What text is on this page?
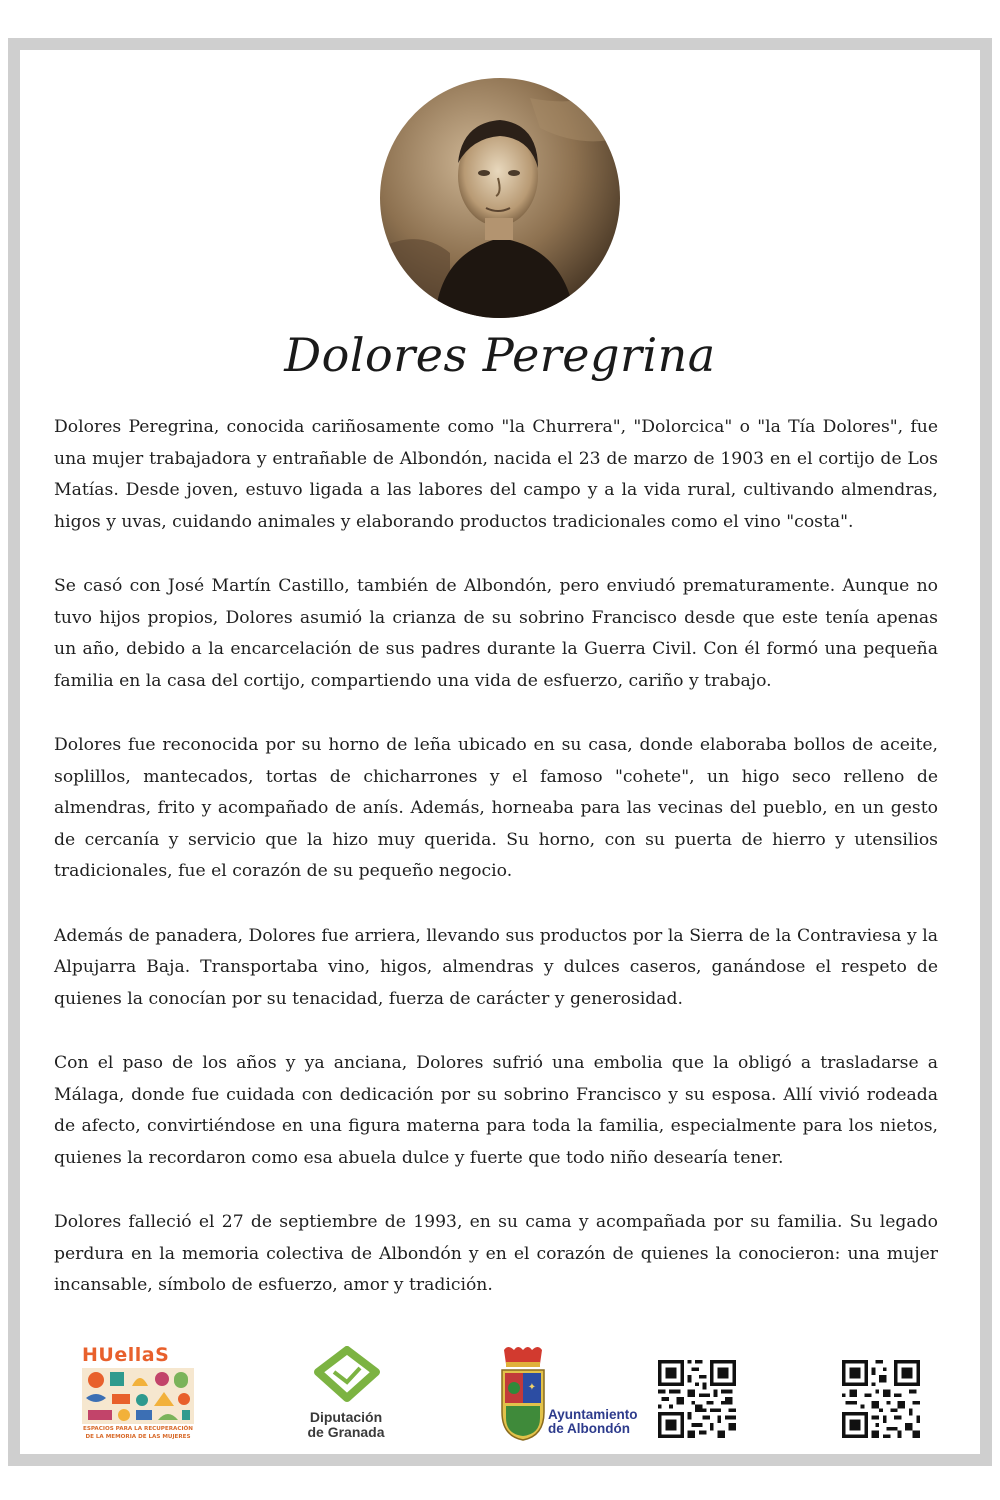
Dolores Peregrina

Dolores Peregrina, conocida cariñosamente como "la Churrera", "Dolorcica" o "la Tía Dolores", fue una mujer trabajadora y entrañable de Albondón, nacida el 23 de marzo de 1903 en el cortijo de Los Matías. Desde joven, estuvo ligada a las labores del campo y a la vida rural, cultivando almendras, higos y uvas, cuidando animales y elaborando productos tradicionales como el vino "costa".

Se casó con José Martín Castillo, también de Albondón, pero enviudó prematuramente. Aunque no tuvo hijos propios, Dolores asumió la crianza de su sobrino Francisco desde que este tenía apenas un año, debido a la encarcelación de sus padres durante la Guerra Civil. Con él formó una pequeña familia en la casa del cortijo, compartiendo una vida de esfuerzo, cariño y trabajo.

Dolores fue reconocida por su horno de leña ubicado en su casa, donde elaboraba bollos de aceite, soplillos, mantecados, tortas de chicharrones y el famoso "cohete", un higo seco relleno de almendras, frito y acompañado de anís. Además, horneaba para las vecinas del pueblo, en un gesto de cercanía y servicio que la hizo muy querida. Su horno, con su puerta de hierro y utensilios tradicionales, fue el corazón de su pequeño negocio.

Además de panadera, Dolores fue arriera, llevando sus productos por la Sierra de la Contraviesa y la Alpujarra Baja. Transportaba vino, higos, almendras y dulces caseros, ganándose el respeto de quienes la conocían por su tenacidad, fuerza de carácter y generosidad.

Con el paso de los años y ya anciana, Dolores sufrió una embolia que la obligó a trasladarse a Málaga, donde fue cuidada con dedicación por su sobrino Francisco y su esposa. Allí vivió rodeada de afecto, convirtiéndose en una figura materna para toda la familia, especialmente para los nietos, quienes la recordaron como esa abuela dulce y fuerte que todo niño desearía tener.

Dolores falleció el 27 de septiembre de 1993, en su cama y acompañada por su familia. Su legado perdura en la memoria colectiva de Albondón y en el corazón de quienes la conocieron: una mujer incansable, símbolo de esfuerzo, amor y tradición.

HUellaS
ESPACIOS PARA LA RECUPERACIÓN
DE LA MEMORIA DE LAS MUJERES
Diputación
de Granada
✦
Ayuntamiento
de Albondón
